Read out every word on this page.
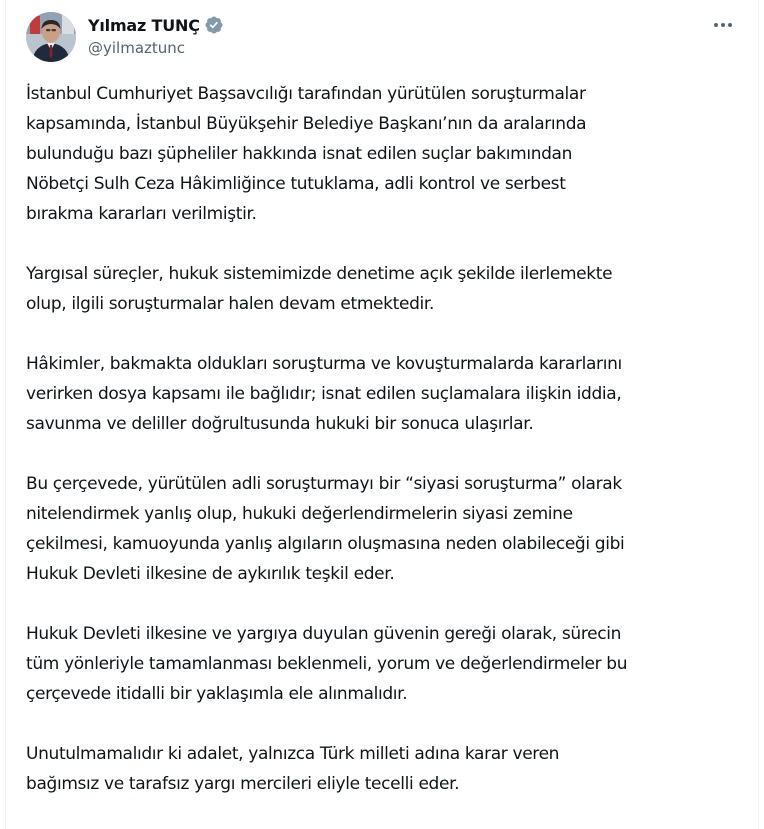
Yılmaz TUNÇ
@yilmaztunc

İstanbul Cumhuriyet Başsavcılığı tarafından yürütülen soruşturmalar
kapsamında, İstanbul Büyükşehir Belediye Başkanı’nın da aralarında
bulunduğu bazı şüpheliler hakkında isnat edilen suçlar bakımından
Nöbetçi Sulh Ceza Hâkimliğince tutuklama, adli kontrol ve serbest
bırakma kararları verilmiştir.

Yargısal süreçler, hukuk sistemimizde denetime açık şekilde ilerlemekte
olup, ilgili soruşturmalar halen devam etmektedir.

Hâkimler, bakmakta oldukları soruşturma ve kovuşturmalarda kararlarını
verirken dosya kapsamı ile bağlıdır; isnat edilen suçlamalara ilişkin iddia,
savunma ve deliller doğrultusunda hukuki bir sonuca ulaşırlar.

Bu çerçevede, yürütülen adli soruşturmayı bir “siyasi soruşturma” olarak
nitelendirmek yanlış olup, hukuki değerlendirmelerin siyasi zemine
çekilmesi, kamuoyunda yanlış algıların oluşmasına neden olabileceği gibi
Hukuk Devleti ilkesine de aykırılık teşkil eder.

Hukuk Devleti ilkesine ve yargıya duyulan güvenin gereği olarak, sürecin
tüm yönleriyle tamamlanması beklenmeli, yorum ve değerlendirmeler bu
çerçevede itidalli bir yaklaşımla ele alınmalıdır.

Unutulmamalıdır ki adalet, yalnızca Türk milleti adına karar veren
bağımsız ve tarafsız yargı mercileri eliyle tecelli eder.
